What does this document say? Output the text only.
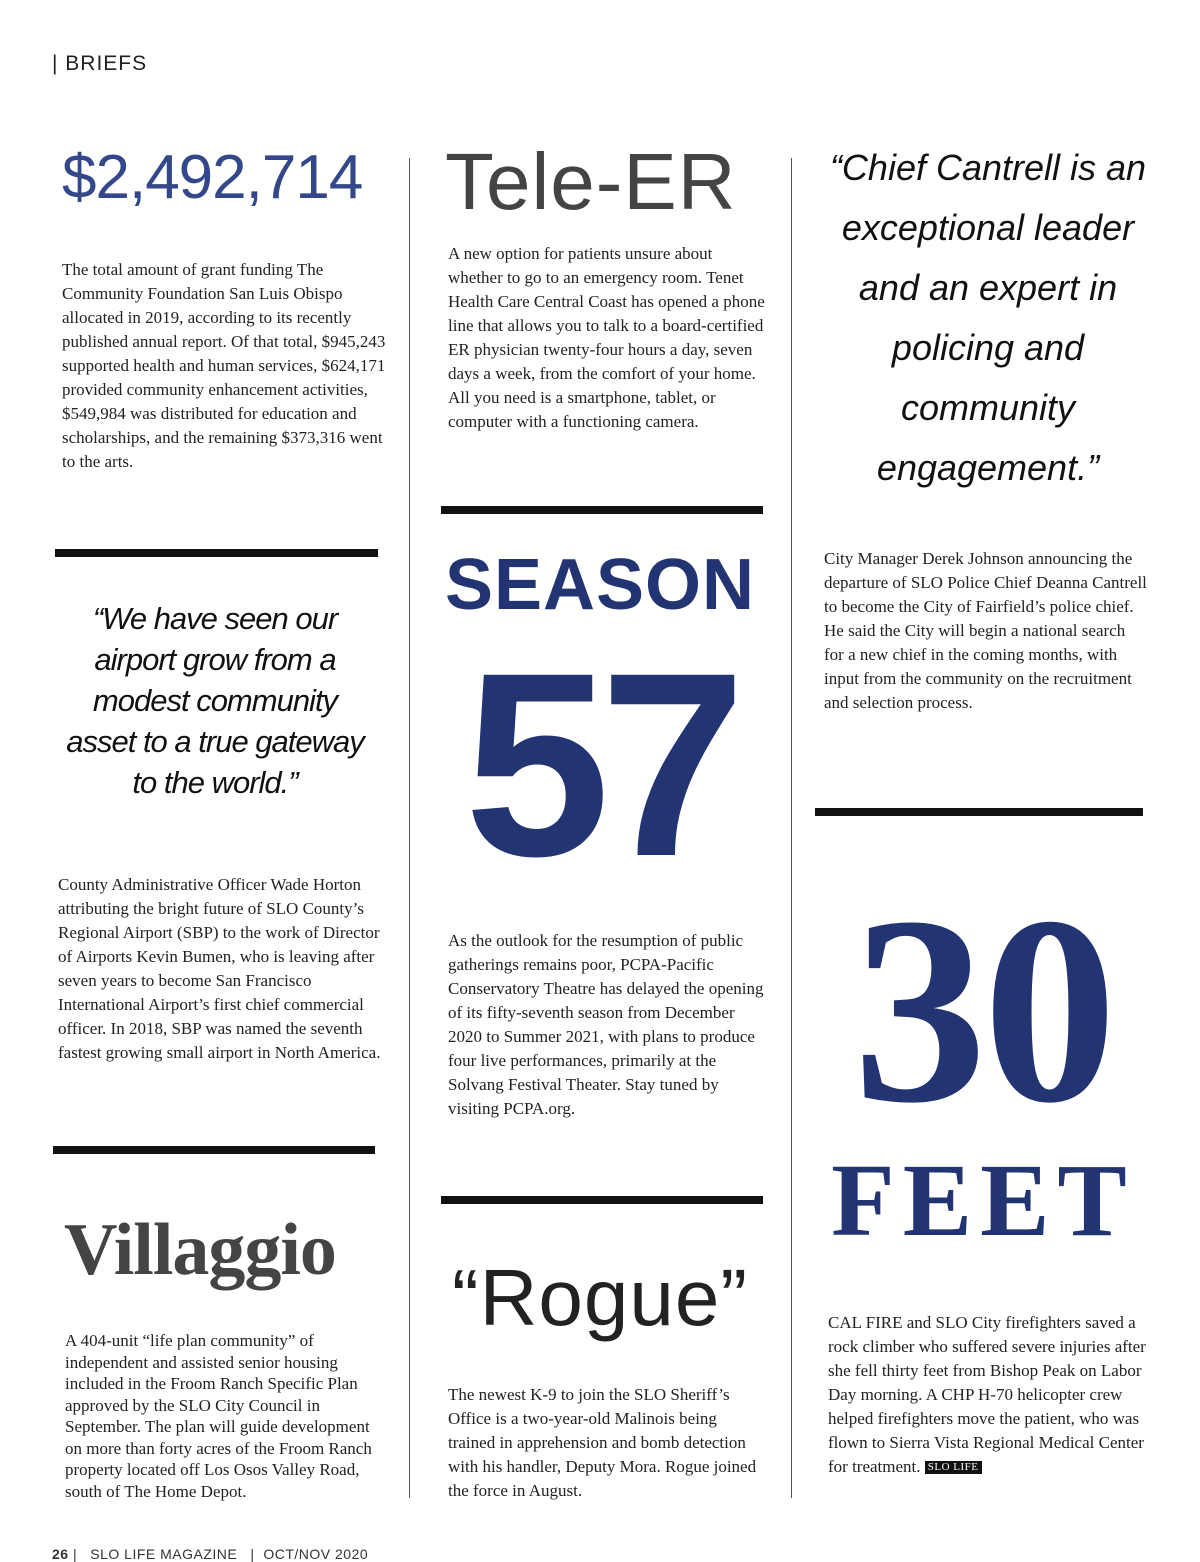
| BRIEFS
$2,492,714
The total amount of grant funding The Community Foundation San Luis Obispo allocated in 2019, according to its recently published annual report. Of that total, $945,243 supported health and human services, $624,171 provided community enhancement activities, $549,984 was distributed for education and scholarships, and the remaining $373,316 went to the arts.
“We have seen our airport grow from a modest community asset to a true gateway to the world.”
County Administrative Officer Wade Horton attributing the bright future of SLO County’s Regional Airport (SBP) to the work of Director of Airports Kevin Bumen, who is leaving after seven years to become San Francisco International Airport’s first chief commercial officer. In 2018, SBP was named the seventh fastest growing small airport in North America.
Villaggio
A 404-unit “life plan community” of independent and assisted senior housing included in the Froom Ranch Specific Plan approved by the SLO City Council in September. The plan will guide development on more than forty acres of the Froom Ranch property located off Los Osos Valley Road, south of The Home Depot.
Tele-ER
A new option for patients unsure about whether to go to an emergency room. Tenet Health Care Central Coast has opened a phone line that allows you to talk to a board-certified ER physician twenty-four hours a day, seven days a week, from the comfort of your home. All you need is a smartphone, tablet, or computer with a functioning camera.
SEASON
57
As the outlook for the resumption of public gatherings remains poor, PCPA-Pacific Conservatory Theatre has delayed the opening of its fifty-seventh season from December 2020 to Summer 2021, with plans to produce four live performances, primarily at the Solvang Festival Theater. Stay tuned by visiting PCPA.org.
“Rogue”
The newest K-9 to join the SLO Sheriff’s Office is a two-year-old Malinois being trained in apprehension and bomb detection with his handler, Deputy Mora. Rogue joined the force in August.
“Chief Cantrell is an exceptional leader and an expert in policing and community engagement.”
City Manager Derek Johnson announcing the departure of SLO Police Chief Deanna Cantrell to become the City of Fairfield’s police chief. He said the City will begin a national search for a new chief in the coming months, with input from the community on the recruitment and selection process.
30
FEET
CAL FIRE and SLO City firefighters saved a rock climber who suffered severe injuries after she fell thirty feet from Bishop Peak on Labor Day morning. A CHP H-70 helicopter crew helped firefighters move the patient, who was flown to Sierra Vista Regional Medical Center for treatment. SLO LIFE
26 |   SLO LIFE MAGAZINE   |  OCT/NOV 2020
